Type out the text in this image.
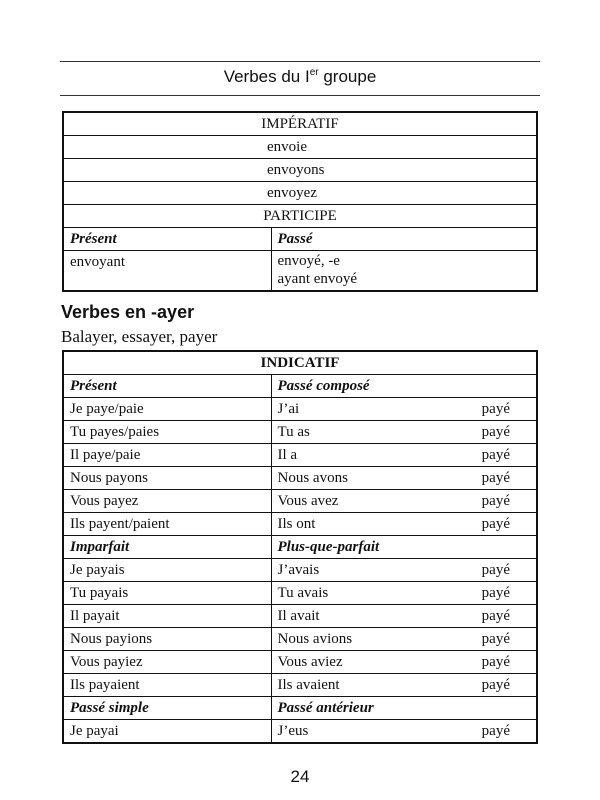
Verbes du Ier groupe
IMPÉRATIF	
envoie	
envoyons	
envoyez	
PARTICIPE	
Présent	Passé
envoyant	envoyé, -e
ayant envoyé
Verbes en -ayer
Balayer, essayer, payer
INDICATIF	
Présent	Passé composé
Je paye/paie	J’ai payé

Tu payes/paies	Tu as payé

Il paye/paie	Il a payé

Nous payons	Nous avons payé

Vous payez	Vous avez payé

Ils payent/paient	Ils ont payé

Imparfait	Plus-que-parfait
Je payais	J’avais payé

Tu payais	Tu avais payé

Il payait	Il avait payé

Nous payions	Nous avions payé

Vous payiez	Vous aviez payé

Ils payaient	Ils avaient payé

Passé simple	Passé antérieur
Je payai	J’eus payé
24
